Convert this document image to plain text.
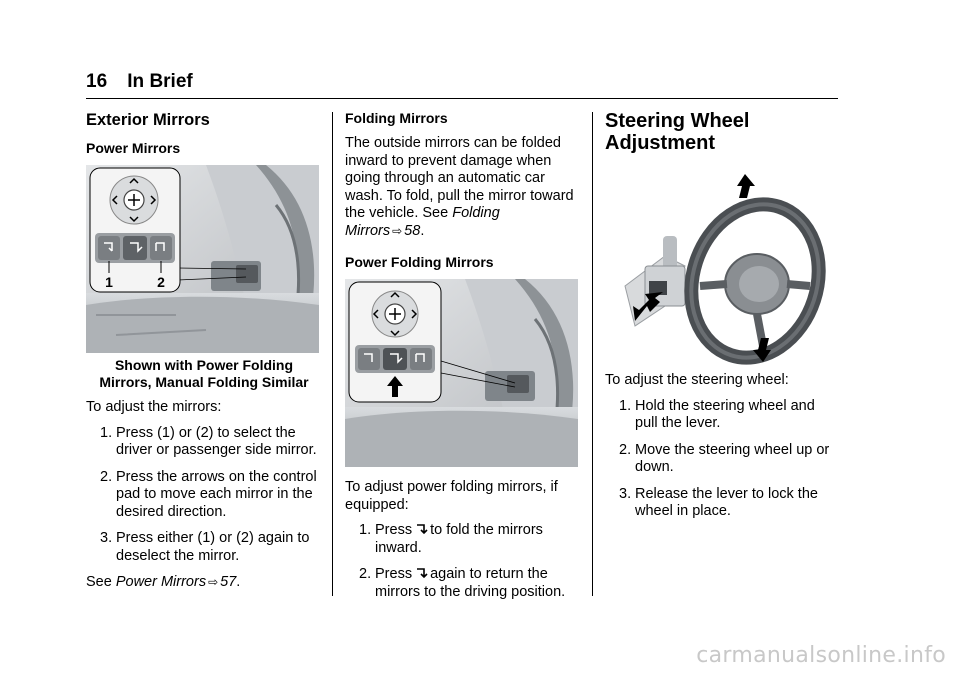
16 In Brief
Exterior Mirrors
Power Mirrors
1	2
Shown with Power Folding
Mirrors, Manual Folding Similar

To adjust the mirrors:

1. Press (1) or (2) to select the driver or passenger side mirror.
2. Press the arrows on the control pad to move each mirror in the desired direction.
3. Press either (1) or (2) again to deselect the mirror.

See Power Mirrors ⇨ 57.

Folding Mirrors

The outside mirrors can be folded inward to prevent damage when going through an automatic car wash. To fold, pull the mirror toward the vehicle. See Folding Mirrors ⇨ 58.

Power Folding Mirrors

To adjust power folding mirrors, if equipped:

1. Press to fold the mirrors inward.
2. Press again to return the mirrors to the driving position.
Steering Wheel
Adjustment

To adjust the steering wheel:

1. Hold the steering wheel and pull the lever.
2. Move the steering wheel up or down.
3. Release the lever to lock the wheel in place.
carmanualsonline.info
